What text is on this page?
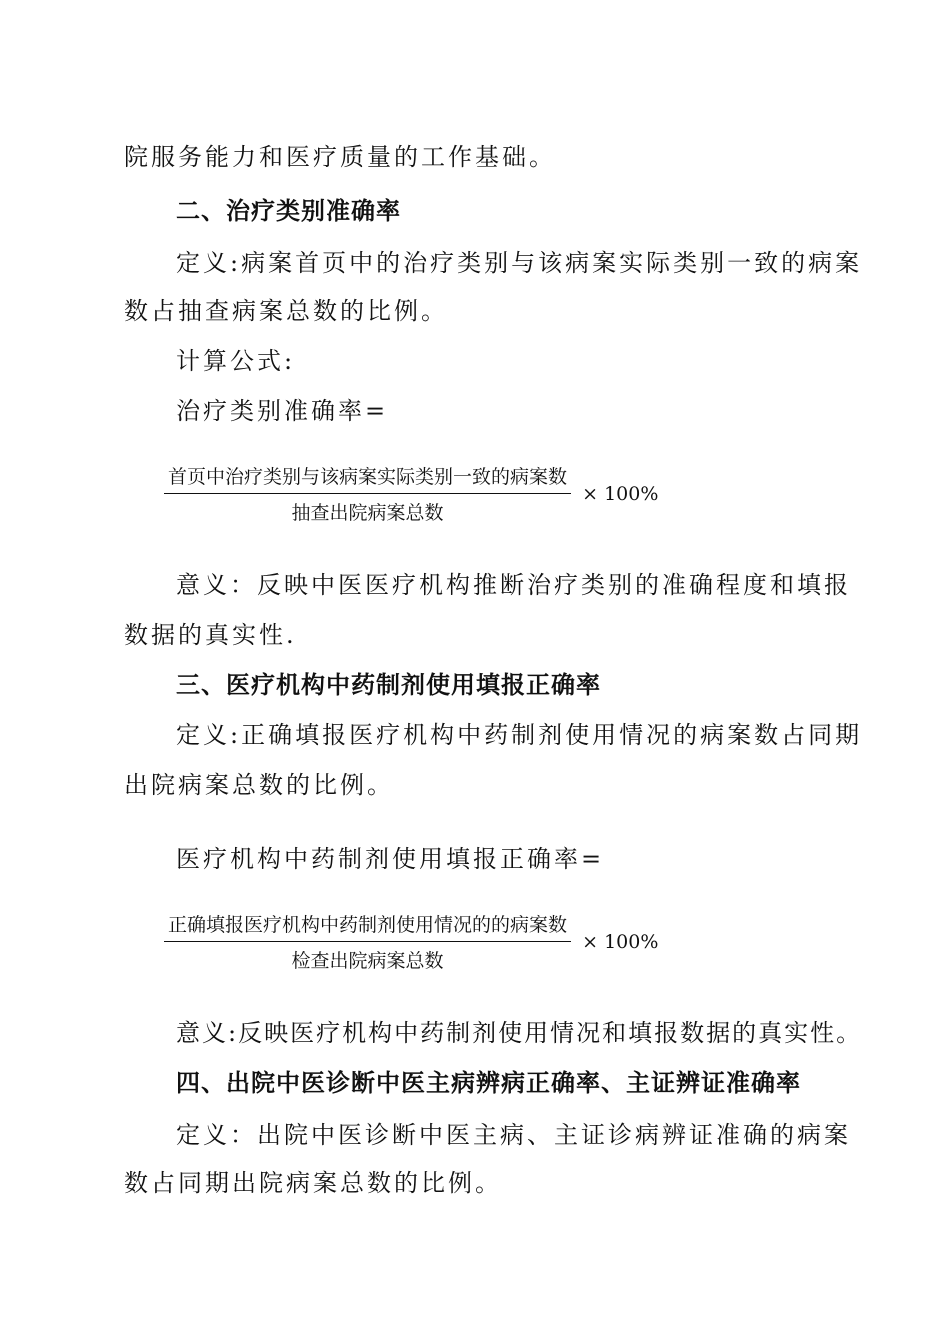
院服务能力和医疗质量的工作基础。
二、治疗类别准确率
定义:病案首页中的治疗类别与该病案实际类别一致的病案
数占抽查病案总数的比例。
计算公式:
治疗类别准确率=
$\frac{\text{首页中治疗类别与该病案实际类别一致的病案数}}{\text{抽查出院病案总数}} \times 100\%$
意义：反映中医医疗机构推断治疗类别的准确程度和填报
数据的真实性.
三、医疗机构中药制剂使用填报正确率
定义:正确填报医疗机构中药制剂使用情况的病案数占同期
出院病案总数的比例。
医疗机构中药制剂使用填报正确率=
$\frac{\text{正确填报医疗机构中药制剂使用情况的的病案数}}{\text{检查出院病案总数}} \times 100\%$
意义:反映医疗机构中药制剂使用情况和填报数据的真实性。
四、出院中医诊断中医主病辨病正确率、主证辨证准确率
定义：出院中医诊断中医主病、主证诊病辨证准确的病案
数占同期出院病案总数的比例。
